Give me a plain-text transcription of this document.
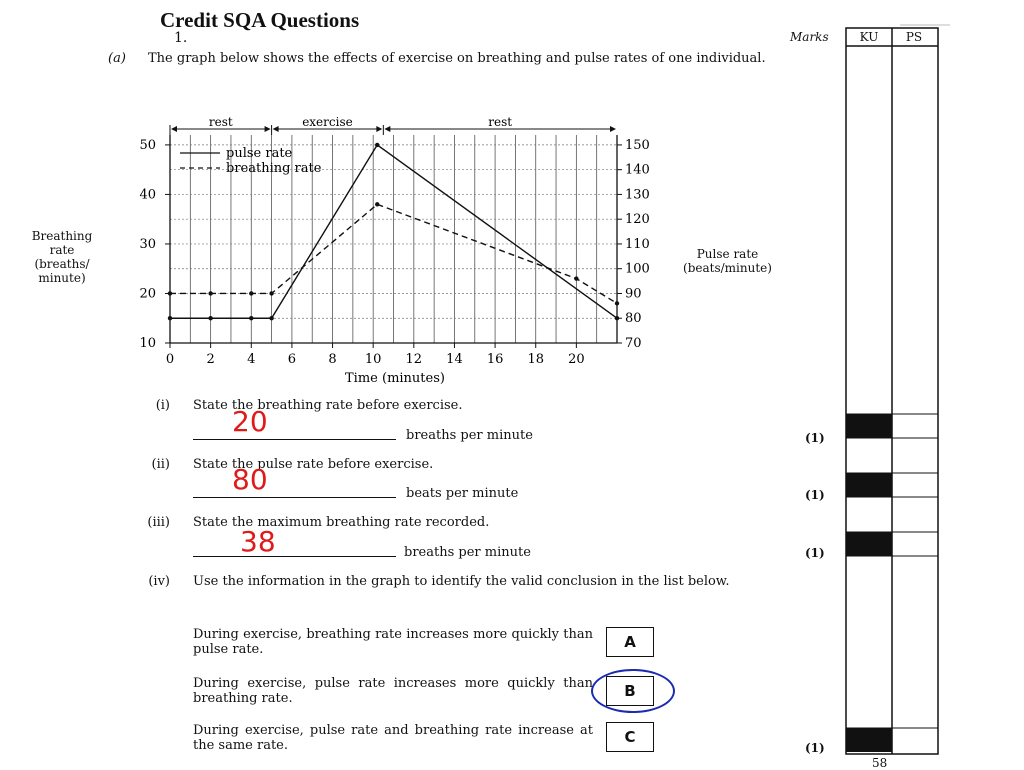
Credit SQA Questions
1.
(a) The graph below shows the effects of exercise on breathing and pulse rates of one individual.
Marks	KU	PS
Breathing rate (breaths/ minute)
Pulse rate (beats/minute)
Time (minutes)
0 2 4 6 8 10 12 14 16 18 20
10
20
30
40
50
70
80
90
100
110
120
130
140
150
rest	exercise	rest
pulse rate
breathing rate
(i) State the breathing rate before exercise.
20	breaths per minute	(1)
(ii) State the pulse rate before exercise.
80	beats per minute	(1)
(iii) State the maximum breathing rate recorded.
38	breaths per minute	(1)
(iv) Use the information in the graph to identify the valid conclusion in the list below.
During exercise, breathing rate increases more quickly than pulse rate.	A
During exercise, pulse rate increases more quickly than breathing rate.	B
During exercise, pulse rate and breathing rate increase at the same rate.	C
(1)
58
